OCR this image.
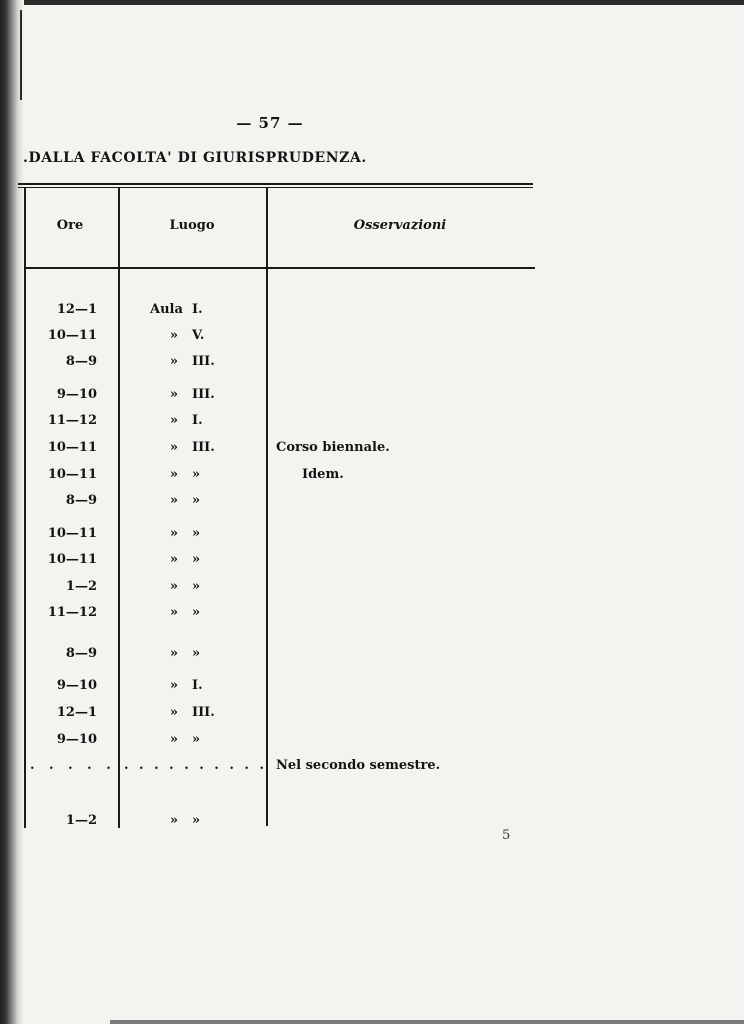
— 57 —
.DALLA FACOLTA' DI GIURISPRUDENZA.
Ore	Luogo	Osservazioni
12—1	Aula I.
10—11	» V.
8—9	» III.
9—10	» III.
11—12	» I.
10—11	» III.	Corso biennale.
10—11	» »	Idem.
8—9	» »
10—11	» »
10—11	» »
1—2	» »
11—12	» »
8—9	» »
9—10	» I.
12—1	» III.
9—10	» »
. . . . . . . . . . . . . . . Nel secondo semestre.
1—2	» »
5
